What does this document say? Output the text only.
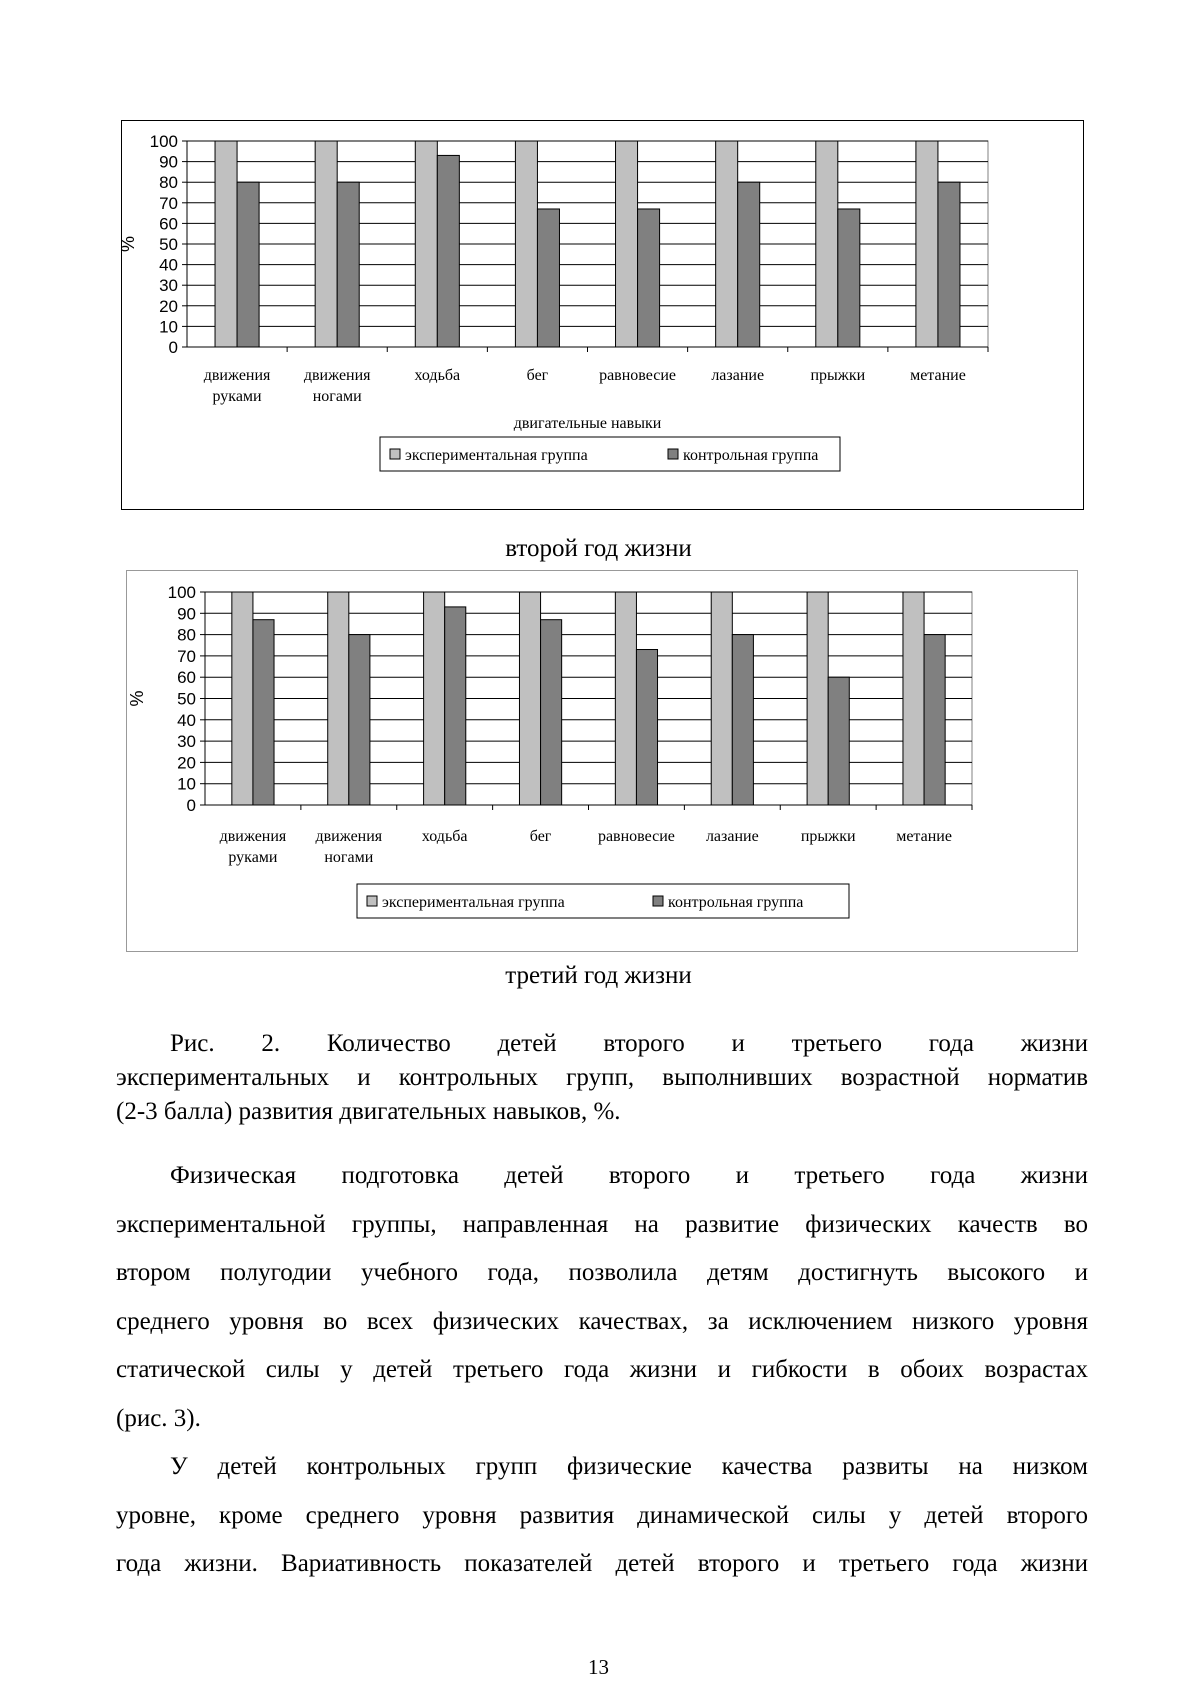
0
10
20
30
40
50
60
70
80
90
100
%
движения
руками
движения
ногами
ходьба	бег	равновесие лазание	прыжки	метание
двигательные навыки
экспериментальная группа	контрольная группа
второй год жизни
0
10
20
30
40
50
60
70
80
90
100
%
движения
руками
движения
ногами
ходьба	бег	равновесие лазание	прыжки	метание
экспериментальная группа	контрольная группа
третий год жизни
Рис. 2. Количество детей второго и третьего года жизни
экспериментальных и контрольных групп, выполнивших возрастной норматив
(2-3 балла) развития двигательных навыков, %.
Физическая подготовка детей второго и третьего года жизни
экспериментальной группы, направленная на развитие физических качеств во
втором полугодии учебного года, позволила детям достигнуть высокого и
среднего уровня во всех физических качествах, за исключением низкого уровня
статической силы у детей третьего года жизни и гибкости в обоих возрастах
(рис. 3).
У детей контрольных групп физические качества развиты на низком
уровне, кроме среднего уровня развития динамической силы у детей второго
года жизни. Вариативность показателей детей второго и третьего года жизни
13
